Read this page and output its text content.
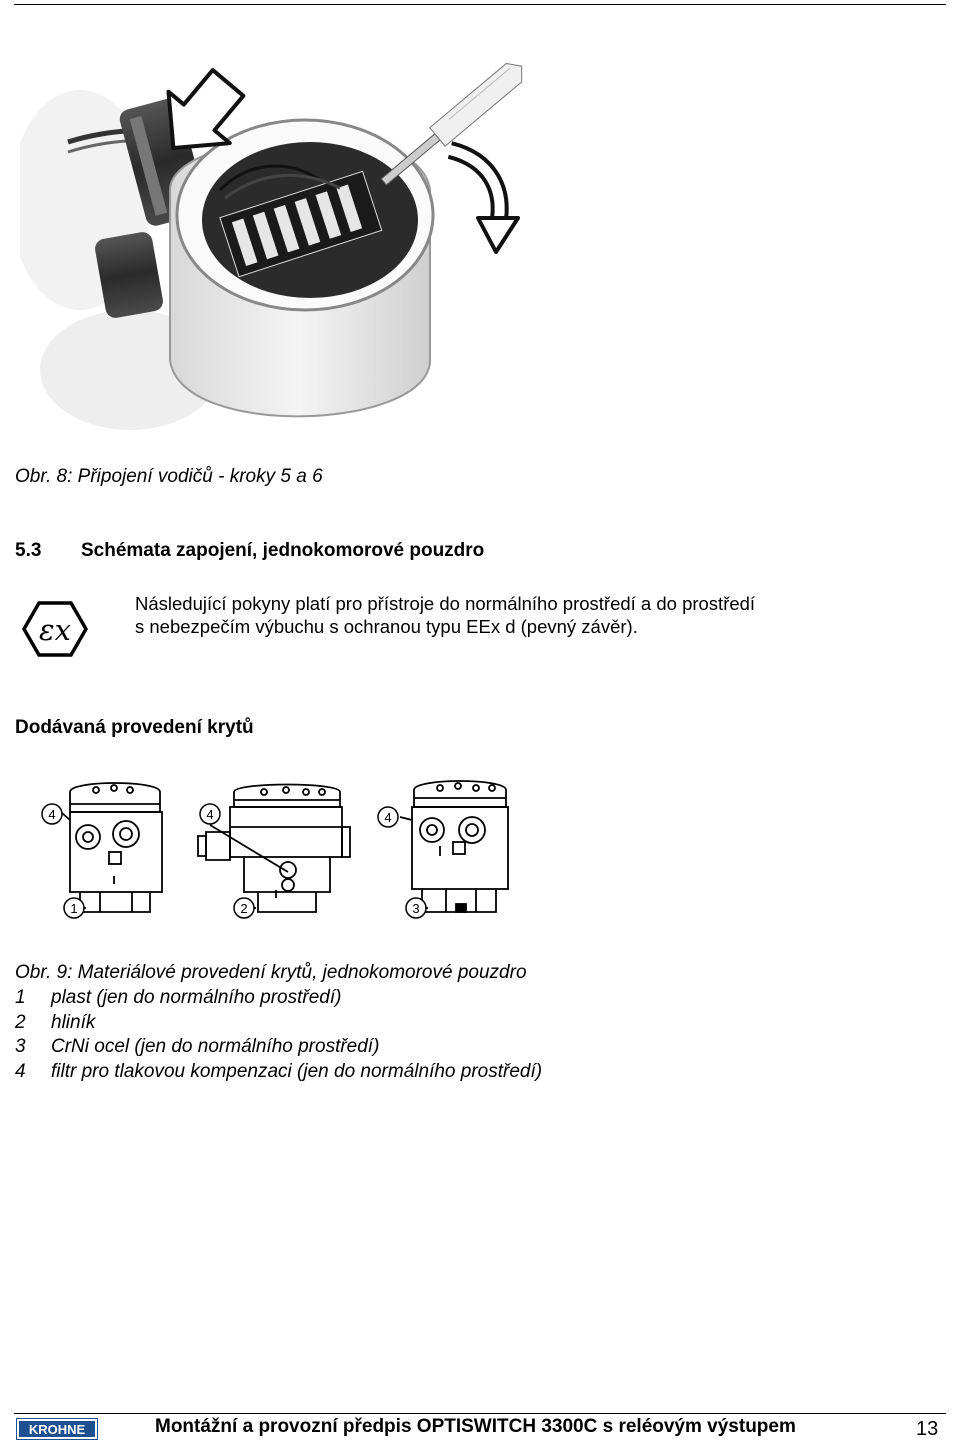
Obr. 8: Připojení vodičů - kroky 5 a 6
5.3 Schémata zapojení, jednokomorové pouzdro
εx
Následující pokyny platí pro přístroje do normálního prostředí a do prostředí
s nebezpečím výbuchu s ochranou typu EEx d (pevný závěr).
Dodávaná provedení krytů
4
1
4
2
4
3
Obr. 9: Materiálové provedení krytů, jednokomorové pouzdro
1 plast (jen do normálního prostředí)
2 hliník
3 CrNi ocel (jen do normálního prostředí)
4 filtr pro tlakovou kompenzaci (jen do normálního prostředí)
KROHNE	Montážní a provozní předpis OPTISWITCH 3300C s reléovým výstupem	13
